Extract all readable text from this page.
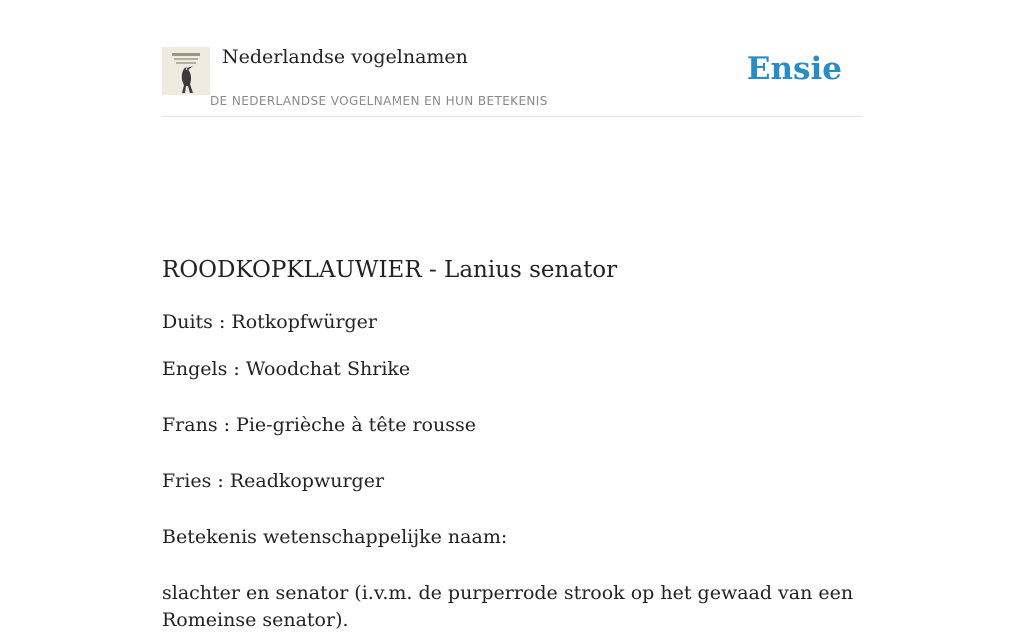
Nederlandse vogelnamen
DE NEDERLANDSE VOGELNAMEN EN HUN BETEKENIS
Ensie
ROODKOPKLAUWIER - Lanius senator

Duits : Rotkopfwürger

Engels : Woodchat Shrike

Frans : Pie-grièche à tête rousse

Fries : Readkopwurger

Betekenis wetenschappelijke naam:

slachter en senator (i.v.m. de purperrode strook op het gewaad van een Romeinse senator).
